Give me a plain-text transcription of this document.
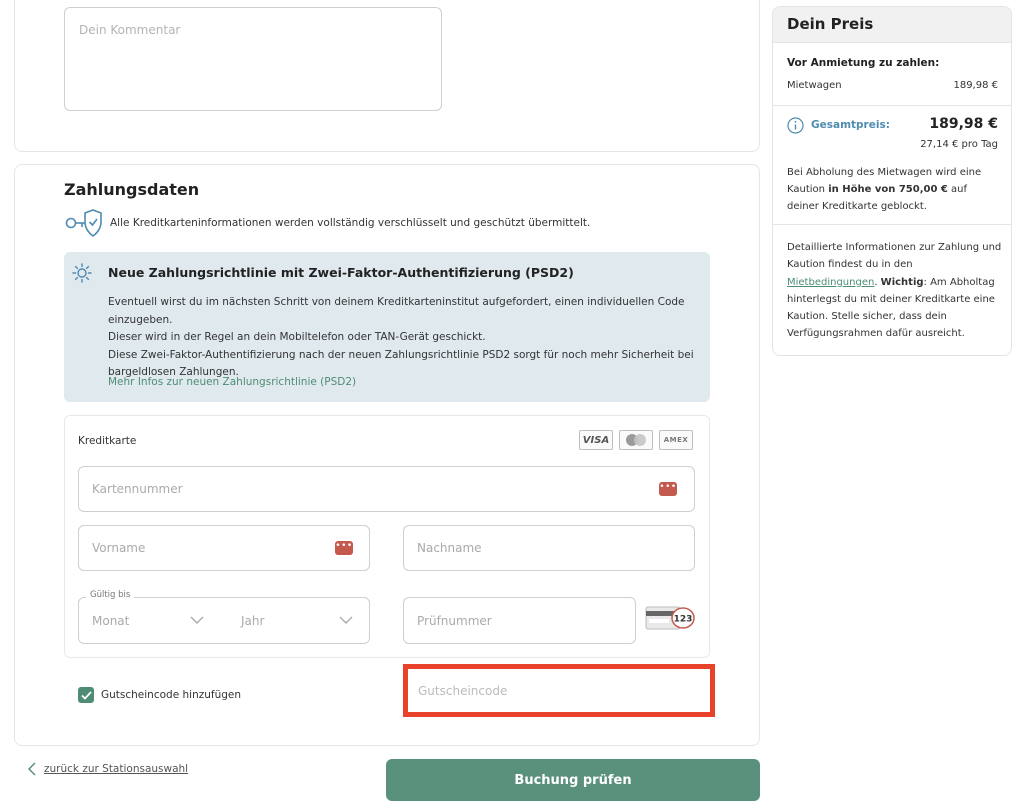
Dein Kommentar
Zahlungsdaten
Alle Kreditkarteninformationen werden vollständig verschlüsselt und geschützt übermittelt.
Neue Zahlungsrichtlinie mit Zwei-Faktor-Authentifizierung (PSD2)
Eventuell wirst du im nächsten Schritt von deinem Kreditkarteninstitut aufgefordert, einen individuellen Code einzugeben.
Dieser wird in der Regel an dein Mobiltelefon oder TAN-Gerät geschickt.
Diese Zwei-Faktor-Authentifizierung nach der neuen Zahlungsrichtlinie PSD2 sorgt für noch mehr Sicherheit bei
bargeldlosen Zahlungen.
Mehr Infos zur neuen Zahlungsrichtlinie (PSD2)
Kreditkarte	VISA	AMEX
Kartennummer
•••
Vorname
•••
Nachname
Monat	Jahr
Gültig bis
Prüfnummer
123
Gutscheincode hinzufügen
Gutscheincode
zurück zur Stationsauswahl
Buchung prüfen
Dein Preis
Vor Anmietung zu zahlen:
Mietwagen	189,98 €
Gesamtpreis:	189,98 €
27,14 € pro Tag
Bei Abholung des Mietwagen wird eine Kaution in Höhe von 750,00 € auf deiner Kreditkarte geblockt.
Detaillierte Informationen zur Zahlung und Kaution findest du in den Mietbedingungen. Wichtig: Am Abholtag hinterlegst du mit deiner Kreditkarte eine Kaution. Stelle sicher, dass dein Verfügungsrahmen dafür ausreicht.
